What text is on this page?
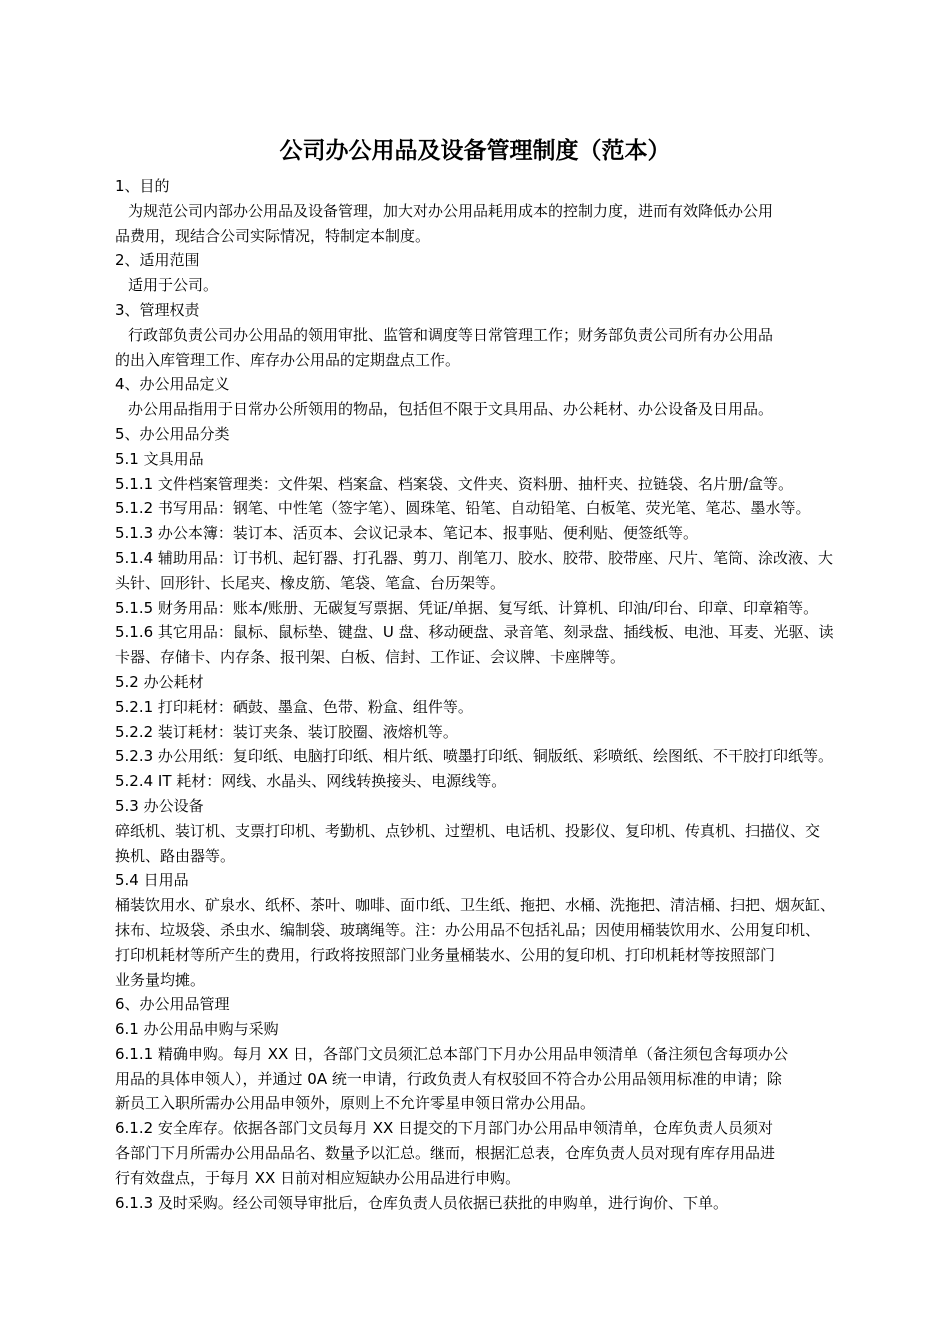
公司办公用品及设备管理制度（范本）
1、目的
为规范公司内部办公用品及设备管理，加大对办公用品耗用成本的控制力度，进而有效降低办公用
品费用，现结合公司实际情况，特制定本制度。
2、适用范围
适用于公司。
3、管理权责
行政部负责公司办公用品的领用审批、监管和调度等日常管理工作；财务部负责公司所有办公用品
的出入库管理工作、库存办公用品的定期盘点工作。
4、办公用品定义
办公用品指用于日常办公所领用的物品，包括但不限于文具用品、办公耗材、办公设备及日用品。
5、办公用品分类
5.1 文具用品
5.1.1 文件档案管理类：文件架、档案盒、档案袋、文件夹、资料册、抽杆夹、拉链袋、名片册/盒等。
5.1.2 书写用品：钢笔、中性笔（签字笔）、圆珠笔、铅笔、自动铅笔、白板笔、荧光笔、笔芯、墨水等。
5.1.3 办公本簿：装订本、活页本、会议记录本、笔记本、报事贴、便利贴、便签纸等。
5.1.4 辅助用品：订书机、起钉器、打孔器、剪刀、削笔刀、胶水、胶带、胶带座、尺片、笔筒、涂改液、大
头针、回形针、长尾夹、橡皮筋、笔袋、笔盒、台历架等。
5.1.5 财务用品：账本/账册、无碳复写票据、凭证/单据、复写纸、计算机、印油/印台、印章、印章箱等。
5.1.6 其它用品：鼠标、鼠标垫、键盘、U 盘、移动硬盘、录音笔、刻录盘、插线板、电池、耳麦、光驱、读
卡器、存储卡、内存条、报刊架、白板、信封、工作证、会议牌、卡座牌等。
5.2 办公耗材
5.2.1 打印耗材：硒鼓、墨盒、色带、粉盒、组件等。
5.2.2 装订耗材：装订夹条、装订胶圈、液熔机等。
5.2.3 办公用纸：复印纸、电脑打印纸、相片纸、喷墨打印纸、铜版纸、彩喷纸、绘图纸、不干胶打印纸等。
5.2.4 IT 耗材：网线、水晶头、网线转换接头、电源线等。
5.3 办公设备
碎纸机、装订机、支票打印机、考勤机、点钞机、过塑机、电话机、投影仪、复印机、传真机、扫描仪、交
换机、路由器等。
5.4 日用品
桶装饮用水、矿泉水、纸杯、茶叶、咖啡、面巾纸、卫生纸、拖把、水桶、洗拖把、清洁桶、扫把、烟灰缸、
抹布、垃圾袋、杀虫水、编制袋、玻璃绳等。注：办公用品不包括礼品；因使用桶装饮用水、公用复印机、
打印机耗材等所产生的费用，行政将按照部门业务量桶装水、公用的复印机、打印机耗材等按照部门
业务量均摊。
6、办公用品管理
6.1 办公用品申购与采购
6.1.1 精确申购。每月 XX 日，各部门文员须汇总本部门下月办公用品申领清单（备注须包含每项办公
用品的具体申领人），并通过 0A 统一申请，行政负责人有权驳回不符合办公用品领用标准的申请；除
新员工入职所需办公用品申领外，原则上不允许零星申领日常办公用品。
6.1.2 安全库存。依据各部门文员每月 XX 日提交的下月部门办公用品申领清单，仓库负责人员须对
各部门下月所需办公用品品名、数量予以汇总。继而，根据汇总表，仓库负责人员对现有库存用品进
行有效盘点，于每月 XX 日前对相应短缺办公用品进行申购。
6.1.3 及时采购。经公司领导审批后，仓库负责人员依据已获批的申购单，进行询价、下单。
